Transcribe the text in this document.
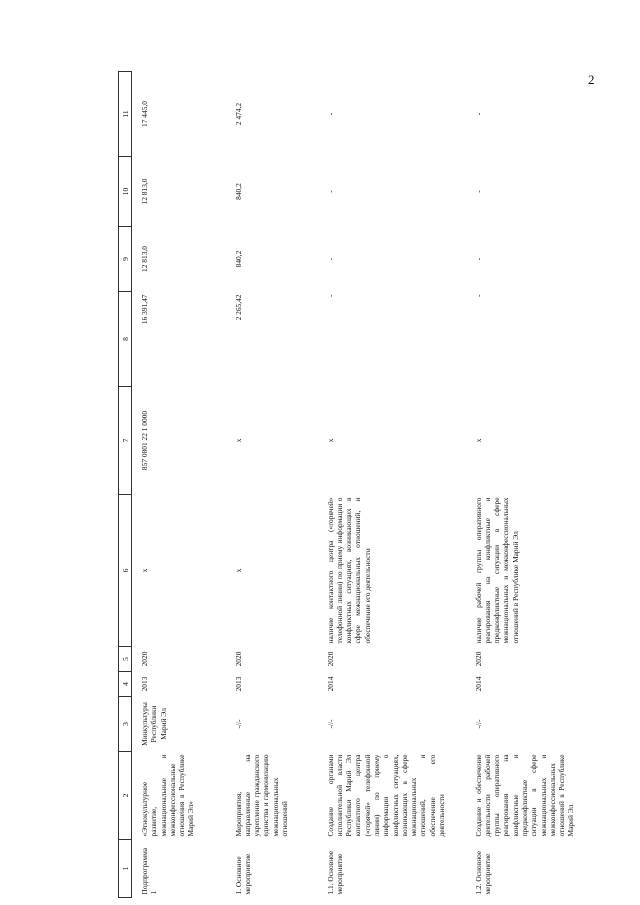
2
1	2	3	4	5	6	7	8	9	10	11
Подпрограмма 1	«Этнокультурное развитие, межнациональные и межконфессиональные отношения в Республике Марий Эл»	Минкультуры Республики Марий Эл	2013	2020	х	857 0801 22 1 0000	16 391,47	12 813,0	12 813,0	17 445,0
1. Основное мероприятие	Мероприятия, направленные на укрепление гражданского единства и гармонизацию межнациональных отношений	-//-	2013	2020	х	х	2 265,42	840,2	840,2	2 474,2
1.1. Основное мероприятие	Создание органами исполнительной власти Республики Марий Эл контактного центра («горячей» телефонной линии) по приему информации о конфликтных ситуациях, возникающих в сфере межнациональных отношений, и обеспечение его деятельности	-//-	2014	2020	наличие контактного центра («горячей» телефонной линии) по приему информации о конфликтных ситуациях, возникающих в сфере межнациональных отношений, и обеспечение его деятельности	х	-	-	-	-
1.2. Основное мероприятие	Создание и обеспечение деятельности рабочей группы оперативного реагирования на конфликтные и предконфликтные ситуации в сфере межнациональных и межконфессиональных отношений в Республике Марий Эл	-//-	2014	2020	наличие рабочей группы оперативного реагирования на конфликтные и предконфликтные ситуации в сфере межнациональных и межконфессиональных отношений в Республике Марий Эл	х	-	-	-	-
